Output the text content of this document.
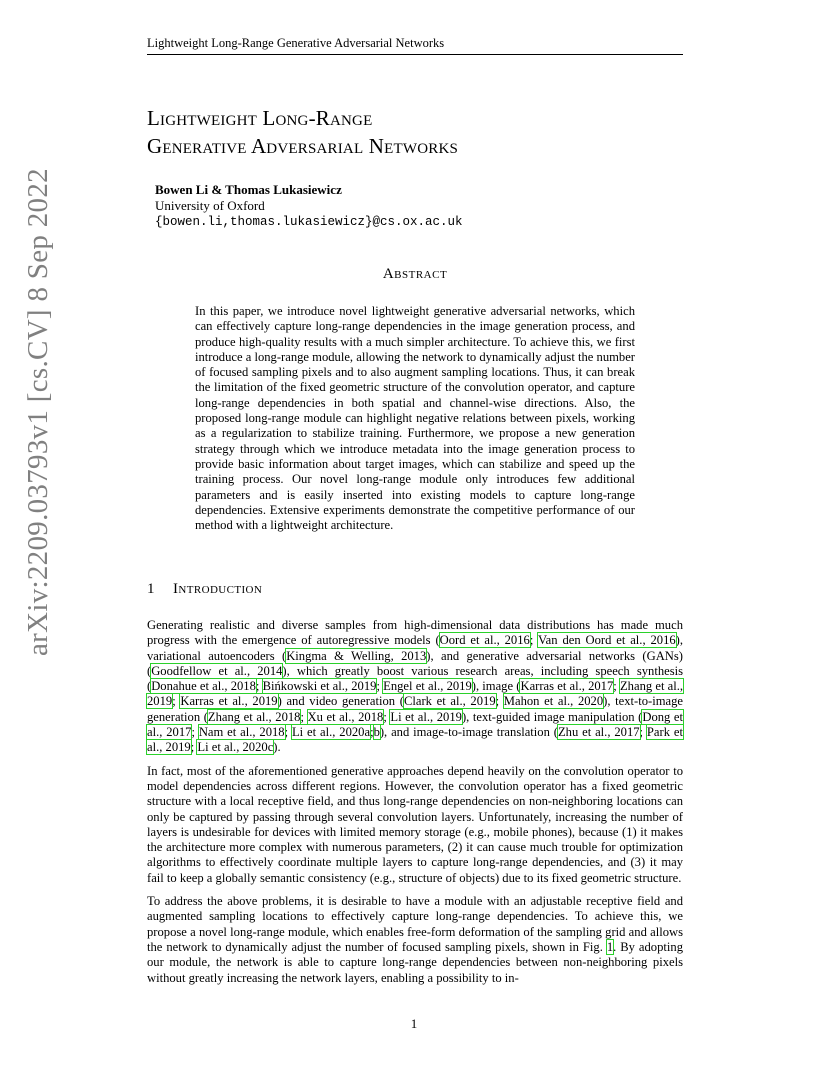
Lightweight Long-Range Generative Adversarial Networks
Lightweight Long-Range
Generative Adversarial Networks
Bowen Li & Thomas Lukasiewicz
University of Oxford
{bowen.li,thomas.lukasiewicz}@cs.ox.ac.uk
Abstract
In this paper, we introduce novel lightweight generative adversarial networks, which can effectively capture long-range dependencies in the image generation process, and produce high-quality results with a much simpler architecture. To achieve this, we first introduce a long-range module, allowing the network to dynamically adjust the number of focused sampling pixels and to also augment sampling locations. Thus, it can break the limitation of the fixed geometric structure of the convolution operator, and capture long-range dependencies in both spatial and channel-wise directions. Also, the proposed long-range module can highlight negative relations between pixels, working as a regularization to stabilize training. Furthermore, we propose a new generation strategy through which we introduce metadata into the image generation process to provide basic information about target images, which can stabilize and speed up the training process. Our novel long-range module only introduces few additional parameters and is easily inserted into existing models to capture long-range dependencies. Extensive experiments demonstrate the competitive performance of our method with a lightweight architecture.
1 Introduction

Generating realistic and diverse samples from high-dimensional data distributions has made much progress with the emergence of autoregressive models (Oord et al., 2016; Van den Oord et al., 2016), variational autoencoders (Kingma & Welling, 2013), and generative adversarial networks (GANs) (Goodfellow et al., 2014), which greatly boost various research areas, including speech synthesis (Donahue et al., 2018; Bińkowski et al., 2019; Engel et al., 2019), image (Karras et al., 2017; Zhang et al., 2019; Karras et al., 2019) and video generation (Clark et al., 2019; Mahon et al., 2020), text-to-image generation (Zhang et al., 2018; Xu et al., 2018; Li et al., 2019), text-guided image manipulation (Dong et al., 2017; Nam et al., 2018; Li et al., 2020a;b), and image-to-image translation (Zhu et al., 2017; Park et al., 2019; Li et al., 2020c).

In fact, most of the aforementioned generative approaches depend heavily on the convolution operator to model dependencies across different regions. However, the convolution operator has a fixed geometric structure with a local receptive field, and thus long-range dependencies on non-neighboring locations can only be captured by passing through several convolution layers. Unfortunately, increasing the number of layers is undesirable for devices with limited memory storage (e.g., mobile phones), because (1) it makes the architecture more complex with numerous parameters, (2) it can cause much trouble for optimization algorithms to effectively coordinate multiple layers to capture long-range dependencies, and (3) it may fail to keep a globally semantic consistency (e.g., structure of objects) due to its fixed geometric structure.

To address the above problems, it is desirable to have a module with an adjustable receptive field and augmented sampling locations to effectively capture long-range dependencies. To achieve this, we propose a novel long-range module, which enables free-form deformation of the sampling grid and allows the network to dynamically adjust the number of focused sampling pixels, shown in Fig. 1. By adopting our module, the network is able to capture long-range dependencies between non-neighboring pixels without greatly increasing the network layers, enabling a possibility to in-

1
arXiv:2209.03793v1 [cs.CV] 8 Sep 2022
